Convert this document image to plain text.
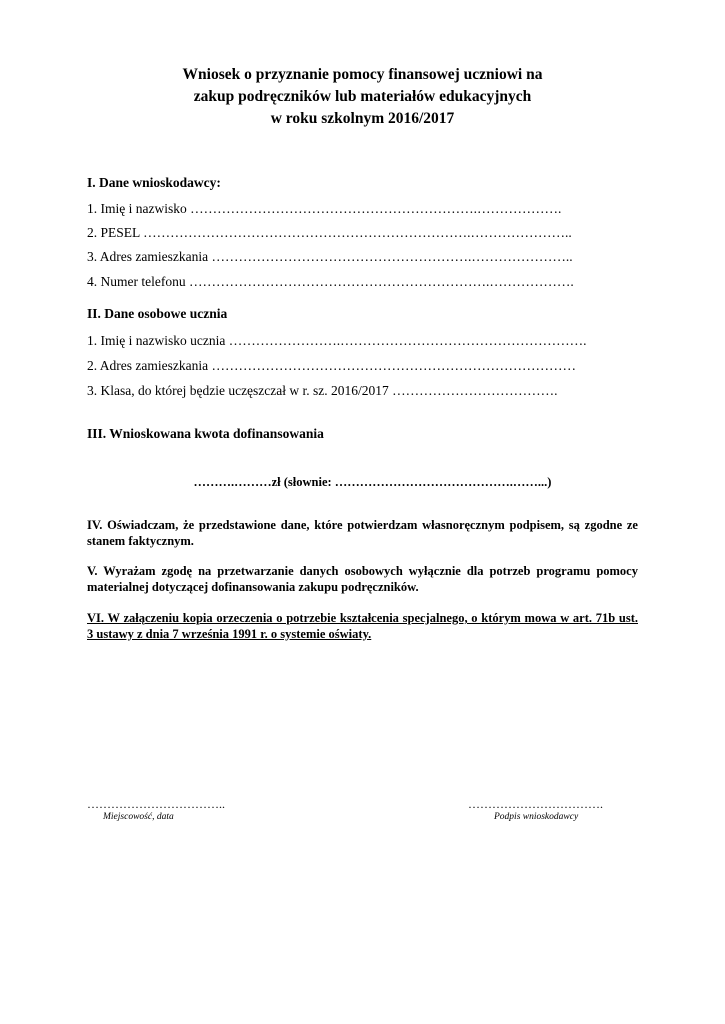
Wniosek o przyznanie pomocy finansowej uczniowi na
zakup podręczników lub materiałów edukacyjnych
w roku szkolnym 2016/2017
I. Dane wnioskodawcy:
1. Imię i nazwisko ……………………………………………………….……………….
2. PESEL ……………………………………………………………….…………………..
3. Adres zamieszkania ………………………………………………….…………………..
4. Numer telefonu ………………………………………………………….……………….
II. Dane osobowe ucznia
1. Imię i nazwisko ucznia …………………….……………………………………………….
2. Adres zamieszkania ………………………………………………………………………
3. Klasa, do której będzie uczęszczał w r. sz. 2016/2017 ……………………………….
III. Wnioskowana kwota dofinansowania
……….………zł (słownie: …………………………………….……...)
IV. Oświadczam, że przedstawione dane, które potwierdzam własnoręcznym podpisem, są zgodne ze stanem faktycznym.
V. Wyrażam zgodę na przetwarzanie danych osobowych wyłącznie dla potrzeb programu pomocy materialnej dotyczącej dofinansowania zakupu podręczników.
VI. W załączeniu kopia orzeczenia o potrzebie kształcenia specjalnego, o którym mowa w art. 71b ust. 3 ustawy z dnia 7 września 1991 r. o systemie oświaty.
……………………………..
Miejscowość, data
…………………………….
Podpis wnioskodawcy
